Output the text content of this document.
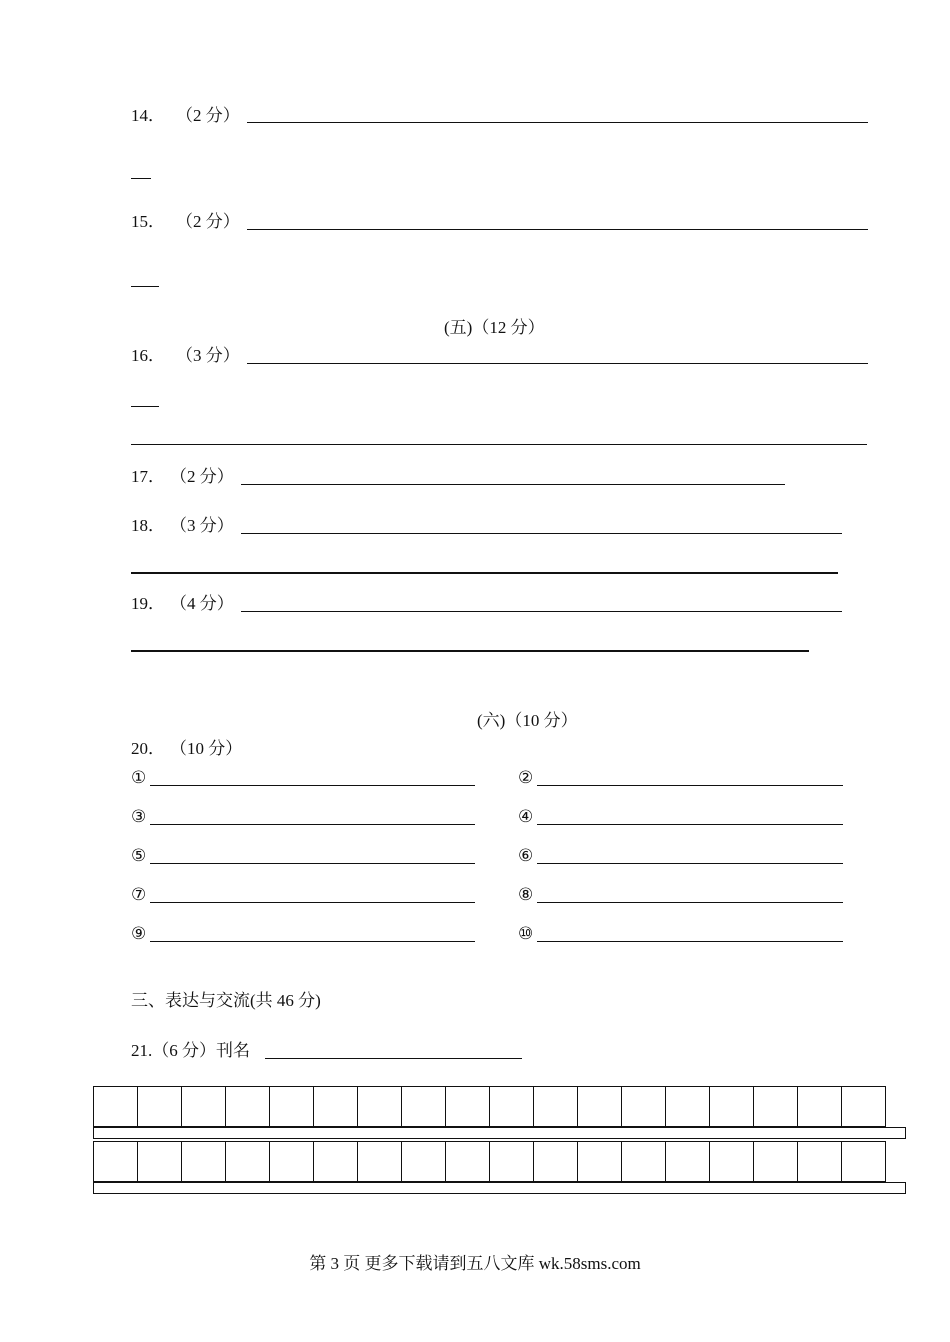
14． （2 分）
15． （2 分）
(五)（12 分）
16． （3 分）
17． （2 分）
18． （3 分）
19． （4 分）
(六)（10 分）
20． （10 分）
①	②
③	④
⑤	⑥
⑦	⑧
⑨	⑩
三、表达与交流(共 46 分)
21.（6 分）刊名
第 3 页 更多下载请到五八文库 wk.58sms.com
